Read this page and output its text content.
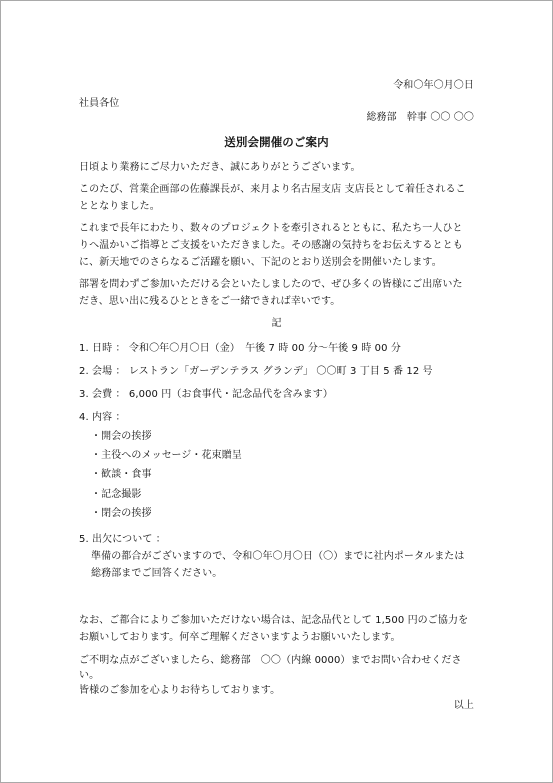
令和〇年〇月〇日
社員各位
総務部　幹事 〇〇 〇〇
送別会開催のご案内
日頃より業務にご尽力いただき、誠にありがとうございます。
このたび、営業企画部の佐藤課長が、来月より名古屋支店 支店長として着任されるこ
ととなりました。
これまで長年にわたり、数々のプロジェクトを牽引されるとともに、私たち一人ひと
りへ温かいご指導とご支援をいただきました。その感謝の気持ちをお伝えするととも
に、新天地でのさらなるご活躍を願い、下記のとおり送別会を開催いたします。
部署を問わずご参加いただける会といたしましたので、ぜひ多くの皆様にご出席いた
だき、思い出に残るひとときをご一緒できれば幸いです。
記
1. 日時 ： 令和〇年〇月〇日（金）　午後 7 時 00 分～午後 9 時 00 分
2. 会場 ： レストラン「ガーデンテラス グランデ」 〇〇町 3 丁目 5 番 12 号
3. 会費 ： 6,000 円（お食事代・記念品代を含みます）
4. 内容 ：
・開会の挨拶
・主役へのメッセージ・花束贈呈
・歓談・食事
・記念撮影
・閉会の挨拶
5. 出欠について ：
準備の都合がございますので、令和〇年〇月〇日（〇）までに社内ポータルまたは
総務部までご回答ください。
なお、ご都合によりご参加いただけない場合は、記念品代として 1,500 円のご協力を
お願いしております。何卒ご理解くださいますようお願いいたします。
ご不明な点がございましたら、総務部　〇〇（内線 0000）までお問い合わせくださ
い。
皆様のご参加を心よりお待ちしております。
以上
